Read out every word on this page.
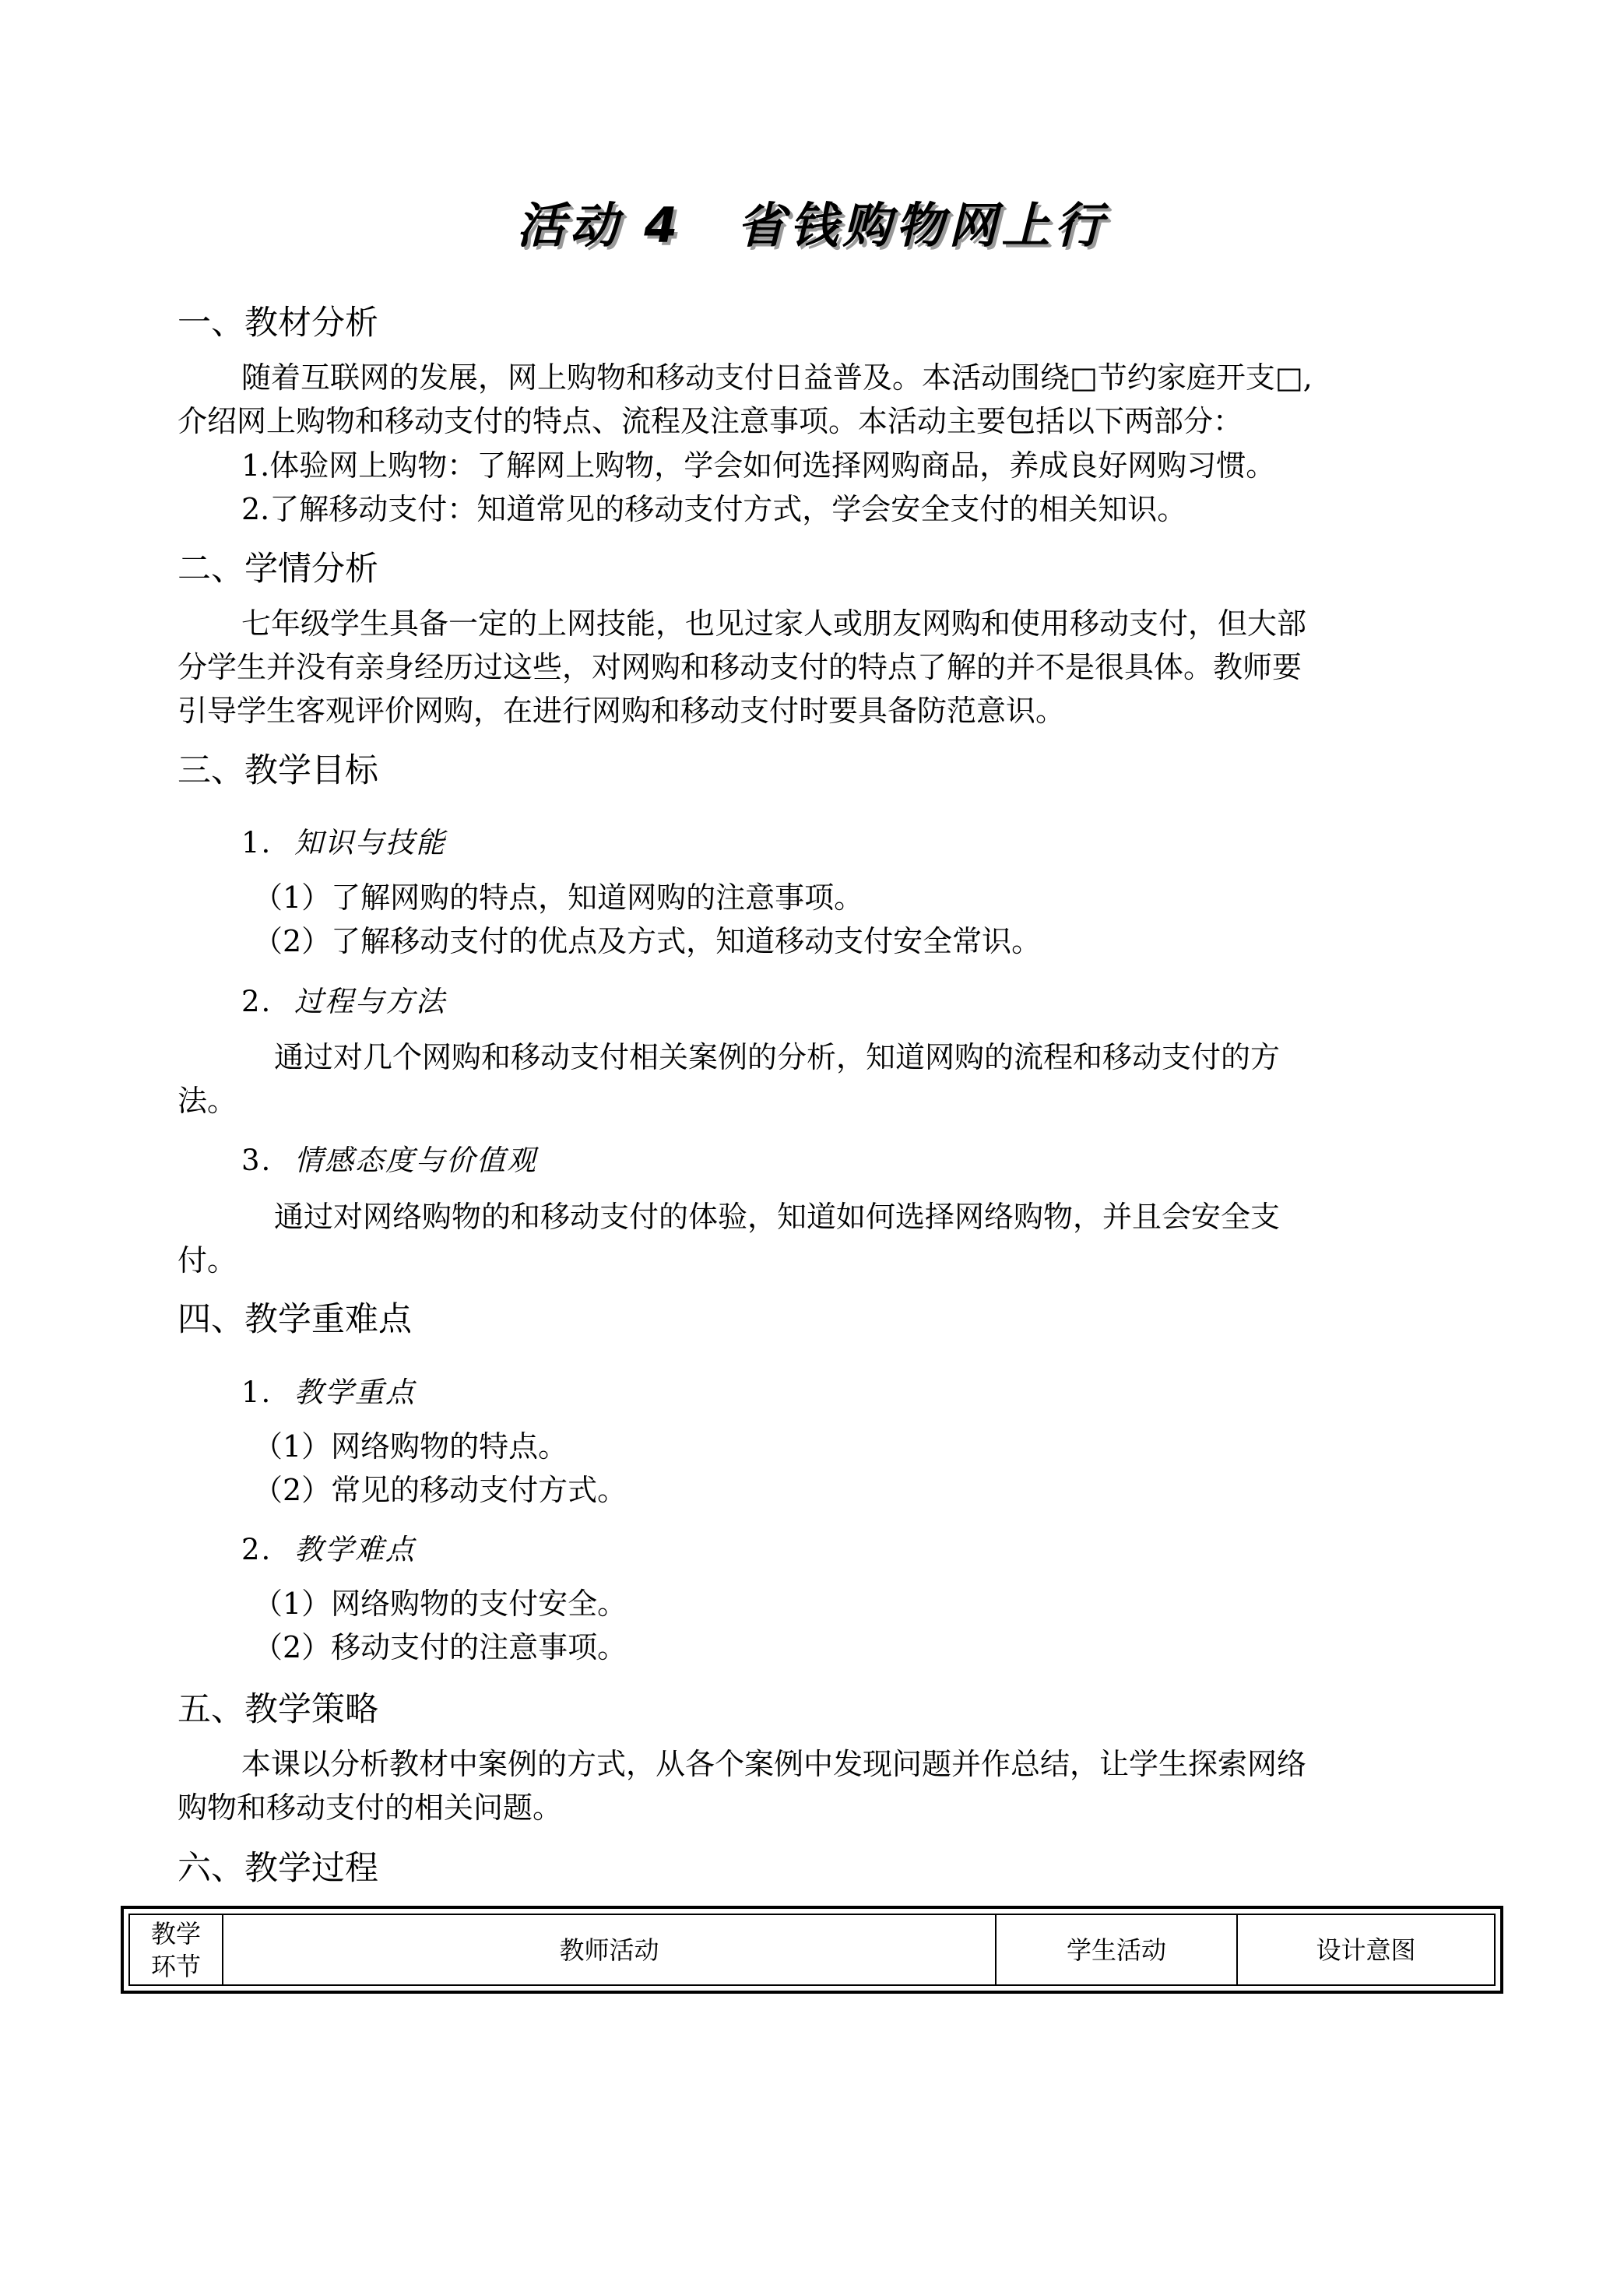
活动 4 省钱购物网上行
一、教材分析
随着互联网的发展，网上购物和移动支付日益普及。本活动围绕□节约家庭开支□,
介绍网上购物和移动支付的特点、流程及注意事项。本活动主要包括以下两部分：
1.体验网上购物：了解网上购物，学会如何选择网购商品，养成良好网购习惯。
2.了解移动支付：知道常见的移动支付方式，学会安全支付的相关知识。
二、学情分析
七年级学生具备一定的上网技能，也见过家人或朋友网购和使用移动支付，但大部
分学生并没有亲身经历过这些，对网购和移动支付的特点了解的并不是很具体。教师要
引导学生客观评价网购，在进行网购和移动支付时要具备防范意识。
三、教学目标
1. 知识与技能
（1）了解网购的特点，知道网购的注意事项。
（2）了解移动支付的优点及方式，知道移动支付安全常识。
2. 过程与方法
通过对几个网购和移动支付相关案例的分析，知道网购的流程和移动支付的方
法。
3. 情感态度与价值观
通过对网络购物的和移动支付的体验，知道如何选择网络购物，并且会安全支
付。
四、教学重难点
1. 教学重点
（1）网络购物的特点。
（2）常见的移动支付方式。
2. 教学难点
（1）网络购物的支付安全。
（2）移动支付的注意事项。
五、教学策略
本课以分析教材中案例的方式，从各个案例中发现问题并作总结，让学生探索网络
购物和移动支付的相关问题。
六、教学过程
教学
环节
教师活动	学生活动	设计意图
